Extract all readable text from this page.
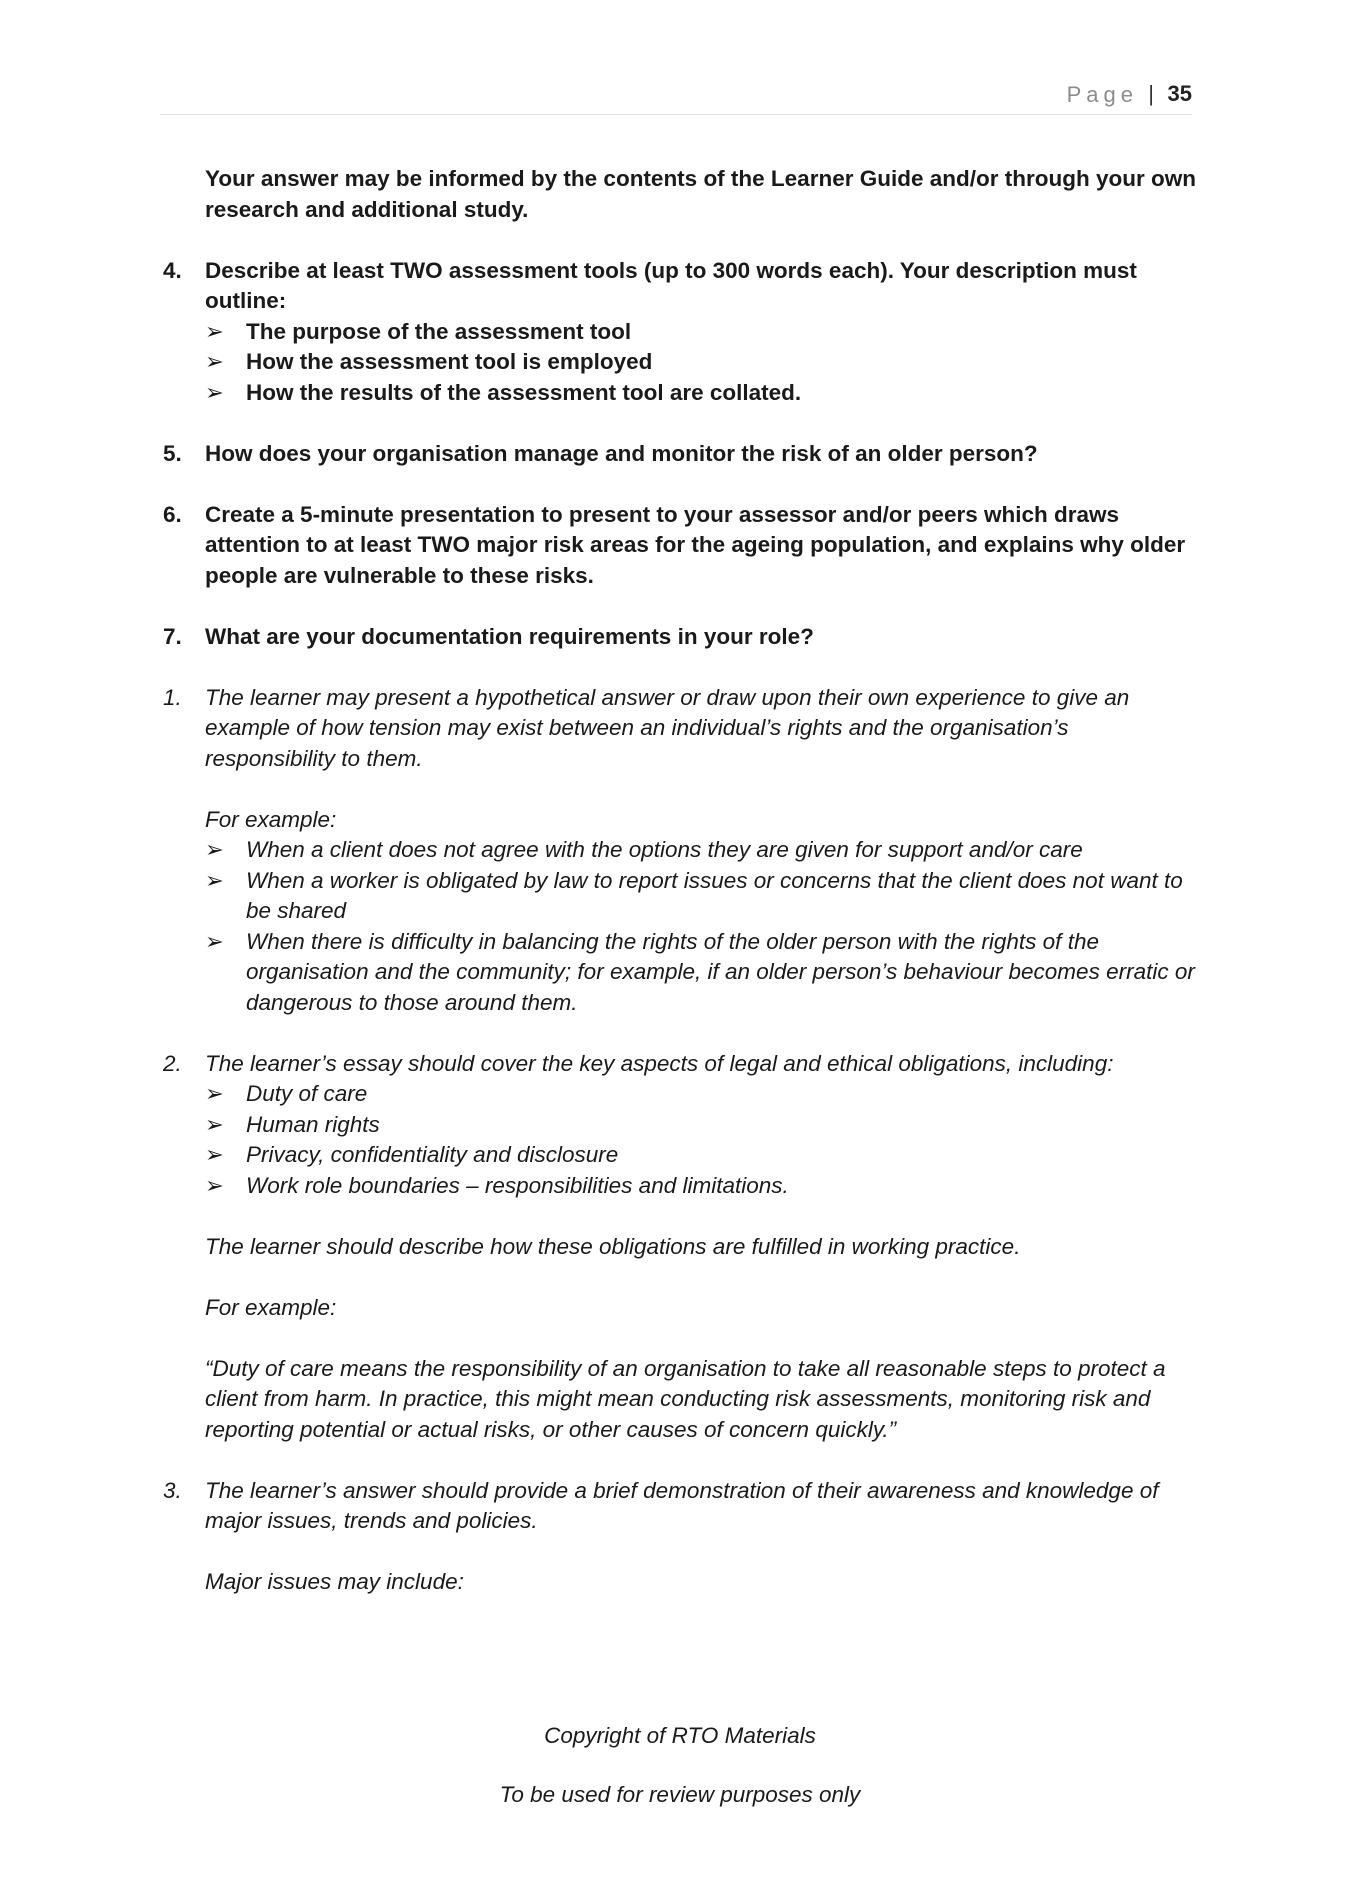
Page | 35

Your answer may be informed by the contents of the Learner Guide and/or through your own research and additional study.

4. Describe at least TWO assessment tools (up to 300 words each). Your description must outline:

➢ The purpose of the assessment tool
➢ How the assessment tool is employed
➢ How the results of the assessment tool are collated.
5. How does your organisation manage and monitor the risk of an older person?

6. Create a 5-minute presentation to present to your assessor and/or peers which draws attention to at least TWO major risk areas for the ageing population, and explains why older people are vulnerable to these risks.

7. What are your documentation requirements in your role?

1. The learner may present a hypothetical answer or draw upon their own experience to give an example of how tension may exist between an individual’s rights and the organisation’s responsibility to them.

For example:

➢ When a client does not agree with the options they are given for support and/or care
➢ When a worker is obligated by law to report issues or concerns that the client does not want to be shared
➢ When there is difficulty in balancing the rights of the older person with the rights of the organisation and the community; for example, if an older person’s behaviour becomes erratic or dangerous to those around them.
2. The learner’s essay should cover the key aspects of legal and ethical obligations, including:

➢ Duty of care
➢ Human rights
➢ Privacy, confidentiality and disclosure
➢ Work role boundaries – responsibilities and limitations.

The learner should describe how these obligations are fulfilled in working practice.

For example:

“Duty of care means the responsibility of an organisation to take all reasonable steps to protect a client from harm. In practice, this might mean conducting risk assessments, monitoring risk and reporting potential or actual risks, or other causes of concern quickly.”

3. The learner’s answer should provide a brief demonstration of their awareness and knowledge of major issues, trends and policies.

Major issues may include:

Copyright of RTO Materials
To be used for review purposes only
